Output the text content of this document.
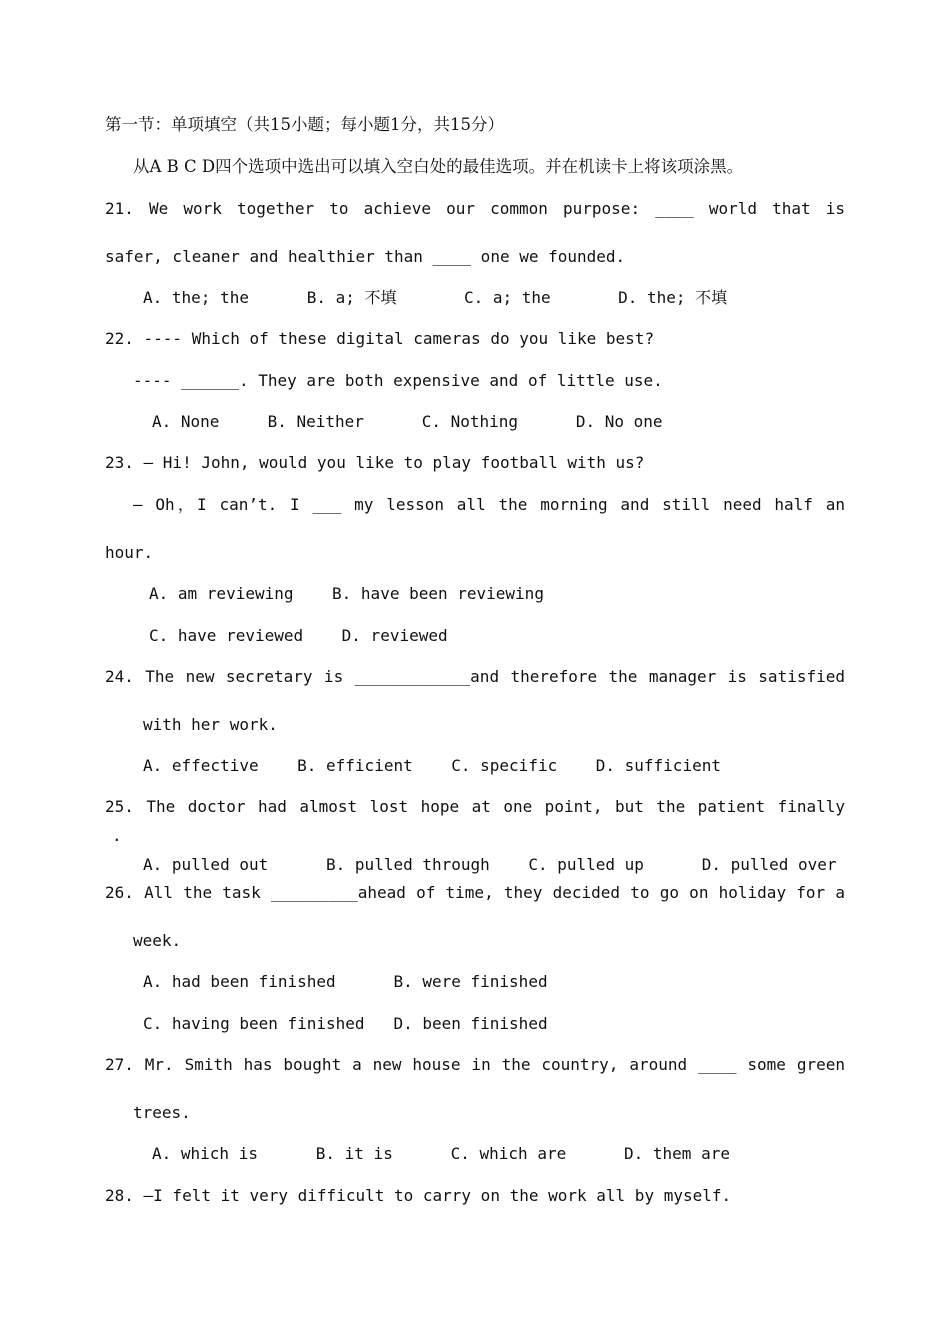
第一节：单项填空（共15小题；每小题1分，共15分）
从A B C D四个选项中选出可以填入空白处的最佳选项。并在机读卡上将该项涂黑。
21. We work together to achieve our common purpose: ____ world that is
safer, cleaner and healthier than ____ one we founded.
A. the; the      B. a; 不填       C. a; the       D. the; 不填
22. ---- Which of these digital cameras do you like best?
---- ______. They are both expensive and of little use.
A. None     B. Neither      C. Nothing      D. No one
23. — Hi! John, would you like to play football with us?
— Oh，I can’t. I ___ my lesson all the morning and still need half an
hour.
A. am reviewing    B. have been reviewing
C. have reviewed    D. reviewed
24. The new secretary is ____________and therefore the manager is satisfied
with her work.
A. effective    B. efficient    C. specific    D. sufficient
25. The doctor had almost lost hope at one point, but the patient finally
.
A. pulled out      B. pulled through    C. pulled up      D. pulled over
26. All the task _________ahead of time, they decided to go on holiday for a
week.
A. had been finished      B. were finished
C. having been finished   D. been finished
27. Mr. Smith has bought a new house in the country, around ____ some green
trees.
A. which is      B. it is      C. which are      D. them are
28. —I felt it very difficult to carry on the work all by myself.
